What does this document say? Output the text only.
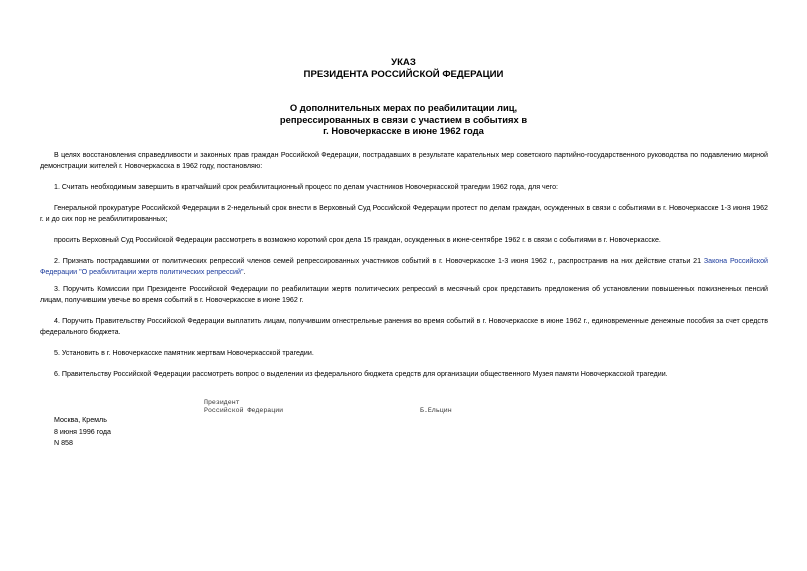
УКАЗ
ПРЕЗИДЕНТА РОССИЙСКОЙ ФЕДЕРАЦИИ
О дополнительных мерах по реабилитации лиц,
репрессированных в связи с участием в событиях в
г. Новочеркасске в июне 1962 года

В целях восстановления справедливости и законных прав граждан Российской Федерации, пострадавших в результате карательных мер советского партийно-государственного руководства по подавлению мирной демонстрации жителей г. Новочеркасска в 1962 году, постановляю:

1. Считать необходимым завершить в кратчайший срок реабилитационный процесс по делам участников Новочеркасской трагедии 1962 года, для чего:

Генеральной прокуратуре Российской Федерации в 2-недельный срок внести в Верховный Суд Российской Федерации протест по делам граждан, осужденных в связи с событиями в г. Новочеркасске 1-3 июня 1962 г. и до сих пор не реабилитированных;

просить Верховный Суд Российской Федерации рассмотреть в возможно короткий срок дела 15 граждан, осужденных в июне-сентябре 1962 г. в связи с событиями в г. Новочеркасске.

2. Признать пострадавшими от политических репрессий членов семей репрессированных участников событий в г. Новочеркасске 1-3 июня 1962 г., распространив на них действие статьи 21 Закона Российской Федерации "О реабилитации жертв политических репрессий".

3. Поручить Комиссии при Президенте Российской Федерации по реабилитации жертв политических репрессий в месячный срок представить предложения об установлении повышенных пожизненных пенсий лицам, получившим увечье во время событий в г. Новочеркасске в июне 1962 г.

4. Поручить Правительству Российской Федерации выплатить лицам, получившим огнестрельные ранения во время событий в г. Новочеркасске в июне 1962 г., единовременные денежные пособия за счет средств федерального бюджета.

5. Установить в г. Новочеркасске памятник жертвам Новочеркасской трагедии.

6. Правительству Российской Федерации рассмотреть вопрос о выделении из федерального бюджета средств для организации общественного Музея памяти Новочеркасской трагедии.

Президент
Российской Федерации	Б.Ельцин
Москва, Кремль
8 июня 1996 года
N 858
